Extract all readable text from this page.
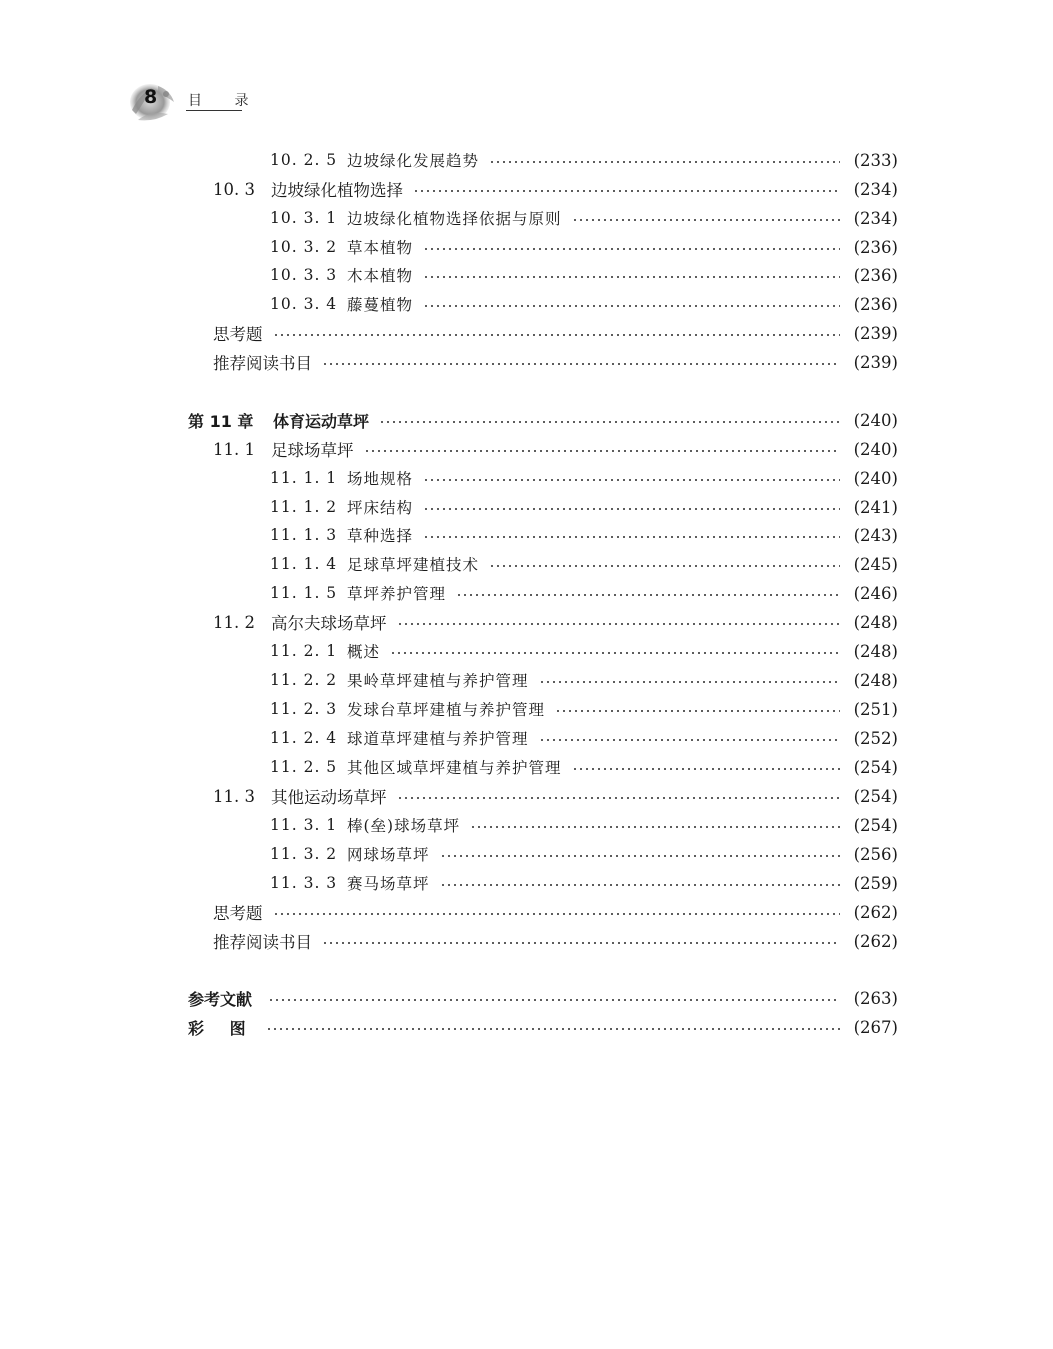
8 目 录
10. 2. 5 边坡绿化发展趋势	(233)
10. 3 边坡绿化植物选择	(234)
10. 3. 1 边坡绿化植物选择依据与原则	(234)
10. 3. 2 草本植物	(236)
10. 3. 3 木本植物	(236)
10. 3. 4 藤蔓植物	(236)
思考题	(239)
推荐阅读书目	(239)
第 11 章	体育运动草坪	(240)
11. 1 足球场草坪	(240)
11. 1. 1 场地规格	(240)
11. 1. 2 坪床结构	(241)
11. 1. 3 草种选择	(243)
11. 1. 4 足球草坪建植技术	(245)
11. 1. 5 草坪养护管理	(246)
11. 2 高尔夫球场草坪	(248)
11. 2. 1 概述	(248)
11. 2. 2 果岭草坪建植与养护管理	(248)
11. 2. 3 发球台草坪建植与养护管理	(251)
11. 2. 4 球道草坪建植与养护管理	(252)
11. 2. 5 其他区域草坪建植与养护管理	(254)
11. 3 其他运动场草坪	(254)
11. 3. 1 棒(垒)球场草坪	(254)
11. 3. 2 网球场草坪	(256)
11. 3. 3 赛马场草坪	(259)
思考题	(262)
推荐阅读书目	(262)
参考文献	(263)
彩 图	(267)
